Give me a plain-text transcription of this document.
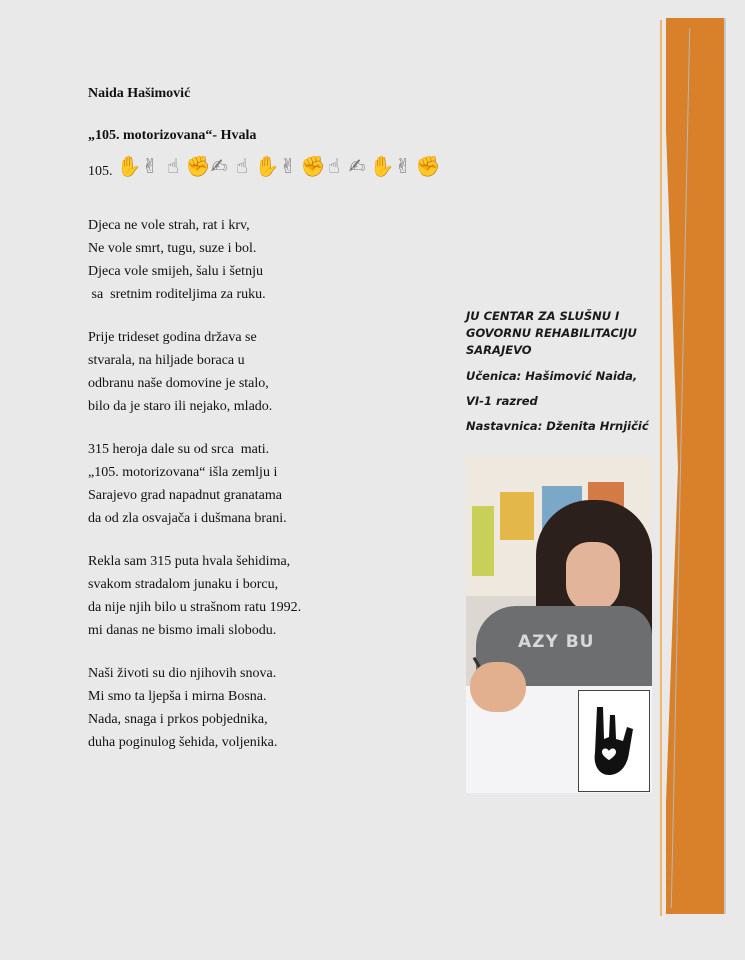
Naida Hašimović
„105. motorizovana“- Hvala
105. ✋ ✌ ☝ ✊ ✍ ☝ ✋ ✌ ✊ ☝ ✍ ✋ ✌ ✊
Djeca ne vole strah, rat i krv,
Ne vole smrt, tugu, suze i bol.
Djeca vole smijeh, šalu i šetnju
sa  sretnim roditeljima za ruku.
Prije trideset godina država se
stvarala, na hiljade boraca u
odbranu naše domovine je stalo,
bilo da je staro ili nejako, mlado.
315 heroja dale su od srca  mati.
„105. motorizovana“ išla zemlju i
Sarajevo grad napadnut granatama
da od zla osvajača i dušmana brani.
Rekla sam 315 puta hvala šehidima,
svakom stradalom junaku i borcu,
da nije njih bilo u strašnom ratu 1992.
mi danas ne bismo imali slobodu.
Naši životi su dio njihovih snova.
Mi smo ta ljepša i mirna Bosna.
Nada, snaga i prkos pobjednika,
duha poginulog šehida, voljenika.
JU CENTAR ZA SLUŠNU I GOVORNU REHABILITACIJU SARAJEVO
Učenica: Hašimović Naida,
VI-1 razred
Nastavnica: Dženita Hrnjičić
AZY BU
